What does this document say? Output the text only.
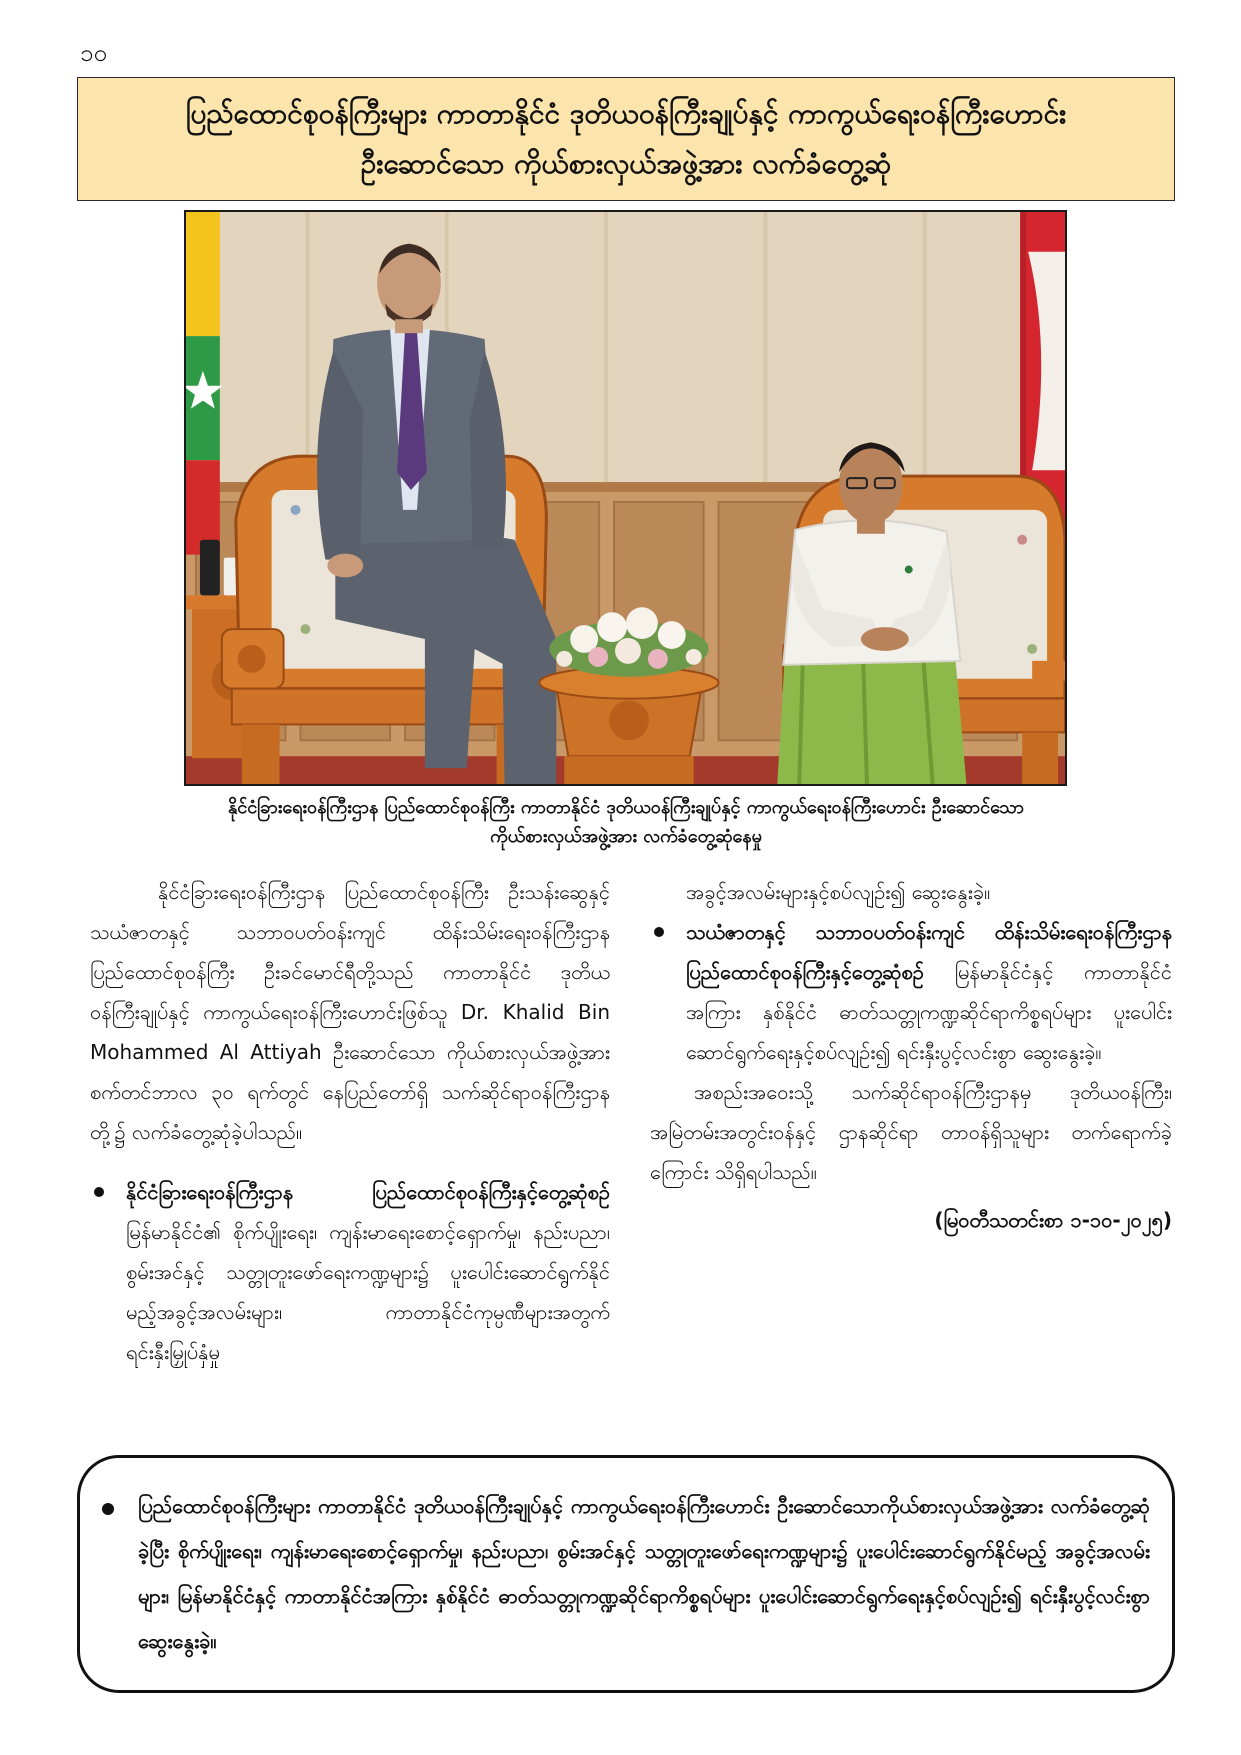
၁၀
ပြည်ထောင်စုဝန်ကြီးများ ကာတာနိုင်ငံ ဒုတိယဝန်ကြီးချုပ်နှင့် ကာကွယ်ရေးဝန်ကြီးဟောင်း
ဦးဆောင်သော ကိုယ်စားလှယ်အဖွဲ့အား လက်ခံတွေ့ဆုံ
နိုင်ငံခြားရေးဝန်ကြီးဌာန ပြည်ထောင်စုဝန်ကြီး ကာတာနိုင်ငံ ဒုတိယဝန်ကြီးချုပ်နှင့် ကာကွယ်ရေးဝန်ကြီးဟောင်း ဦးဆောင်သော
ကိုယ်စားလှယ်အဖွဲ့အား လက်ခံတွေ့ဆုံနေမှု

နိုင်ငံခြားရေးဝန်ကြီးဌာန ပြည်ထောင်စုဝန်ကြီး ဦးသန်းဆွေနှင့် သယံဇာတနှင့် သဘာဝပတ်ဝန်းကျင် ထိန်းသိမ်းရေးဝန်ကြီးဌာန ပြည်ထောင်စုဝန်ကြီး ဦးခင်မောင်ရီတို့သည် ကာတာနိုင်ငံ ဒုတိယဝန်ကြီးချုပ်နှင့် ကာကွယ်ရေးဝန်ကြီးဟောင်းဖြစ်သူ Dr. Khalid Bin Mohammed Al Attiyah ဦးဆောင်သော ကိုယ်စားလှယ်အဖွဲ့အား စက်တင်ဘာလ ၃၀ ရက်တွင် နေပြည်တော်ရှိ သက်ဆိုင်ရာဝန်ကြီးဌာနတို့၌ လက်ခံတွေ့ဆုံခဲ့ပါသည်။

နိုင်ငံခြားရေးဝန်ကြီးဌာန ပြည်ထောင်စုဝန်ကြီးနှင့်တွေ့ဆုံစဉ် မြန်မာနိုင်ငံ၏ စိုက်ပျိုးရေး၊ ကျန်းမာရေးစောင့်ရှောက်မှု၊ နည်းပညာ၊ စွမ်းအင်နှင့် သတ္တုတူးဖော်ရေးကဏ္ဍများ၌ ပူးပေါင်းဆောင်ရွက်နိုင်မည့်အခွင့်အလမ်းများ၊ ကာတာနိုင်ငံကုမ္ပဏီများအတွက် ရင်းနှီးမြှုပ်နှံမှု

အခွင့်အလမ်းများနှင့်စပ်လျဉ်း၍ ဆွေးနွေးခဲ့။

သယံဇာတနှင့် သဘာဝပတ်ဝန်းကျင် ထိန်းသိမ်းရေးဝန်ကြီးဌာန ပြည်ထောင်စုဝန်ကြီးနှင့်တွေ့ဆုံစဉ် မြန်မာနိုင်ငံနှင့် ကာတာနိုင်ငံအကြား နှစ်နိုင်ငံ ဓာတ်သတ္တုကဏ္ဍဆိုင်ရာကိစ္စရပ်များ ပူးပေါင်းဆောင်ရွက်ရေးနှင့်စပ်လျဉ်း၍ ရင်းနှီးပွင့်လင်းစွာ ဆွေးနွေးခဲ့။

အစည်းအဝေးသို့ သက်ဆိုင်ရာဝန်ကြီးဌာနမှ ဒုတိယဝန်ကြီး၊ အမြဲတမ်းအတွင်းဝန်နှင့် ဌာနဆိုင်ရာ တာဝန်ရှိသူများ တက်ရောက်ခဲ့ကြောင်း သိရှိရပါသည်။

(မြဝတီသတင်းစာ ၁-၁၀-၂၀၂၅)

ပြည်ထောင်စုဝန်ကြီးများ ကာတာနိုင်ငံ ဒုတိယဝန်ကြီးချုပ်နှင့် ကာကွယ်ရေးဝန်ကြီးဟောင်း ဦးဆောင်သောကိုယ်စားလှယ်အဖွဲ့အား လက်ခံတွေ့ဆုံခဲ့ပြီး စိုက်ပျိုးရေး၊ ကျန်းမာရေးစောင့်ရှောက်မှု၊ နည်းပညာ၊ စွမ်းအင်နှင့် သတ္တုတူးဖော်ရေးကဏ္ဍများ၌ ပူးပေါင်းဆောင်ရွက်နိုင်မည့် အခွင့်အလမ်းများ၊ မြန်မာနိုင်ငံနှင့် ကာတာနိုင်ငံအကြား နှစ်နိုင်ငံ ဓာတ်သတ္တုကဏ္ဍဆိုင်ရာကိစ္စရပ်များ ပူးပေါင်းဆောင်ရွက်ရေးနှင့်စပ်လျဉ်း၍ ရင်းနှီးပွင့်လင်းစွာ ဆွေးနွေးခဲ့။
